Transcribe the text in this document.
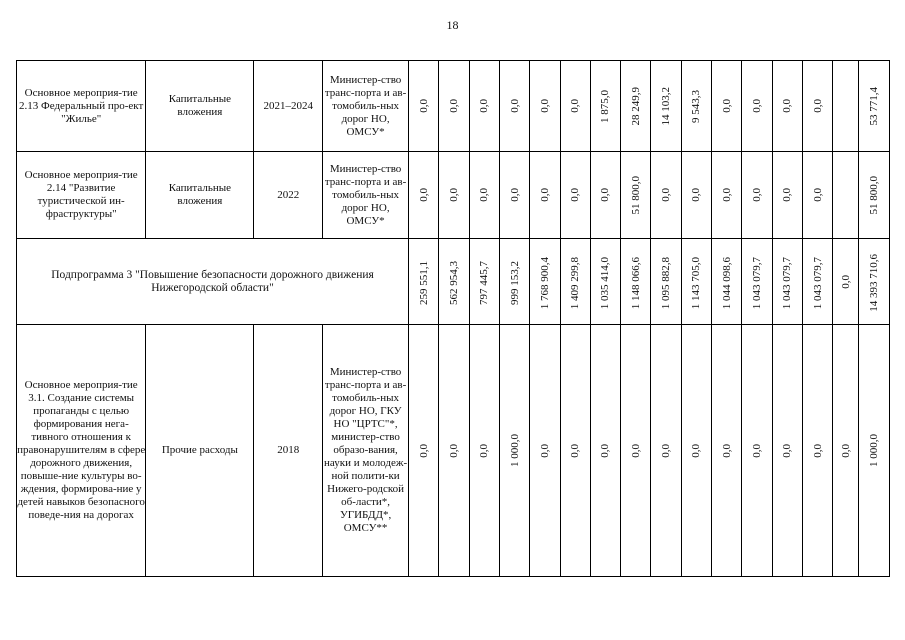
18
Основное мероприя-тие 2.13 Федеральный про-ект "Жилье"	Капитальные вложения	2021–2024	Министер-ство транс-порта и ав-томобиль-ных дорог НО, ОМСУ*	0,0	0,0	0,0	0,0	0,0	0,0	1 875,0	28 249,9	14 103,2	9 543,3	0,0	0,0	0,0	0,0		53 771,4

Основное мероприя-тие 2.14 "Развитие туристической ин-фраструктуры"	Капитальные вложения	2022	Министер-ство транс-порта и ав-томобиль-ных дорог НО, ОМСУ*	0,0	0,0	0,0	0,0	0,0	0,0	0,0	51 800,0	0,0	0,0	0,0	0,0	0,0	0,0		51 800,0

Подпрограмма 3 "Повышение безопасности дорожного движения Нижегородской области"				259 551,1	562 954,3	797 445,7	999 153,2	1 768 900,4	1 409 299,8	1 035 414,0	1 148 066,6	1 095 882,8	1 143 705,0	1 044 098,6	1 043 079,7	1 043 079,7	1 043 079,7	0,0	14 393 710,6

Основное мероприя-тие 3.1. Создание системы пропаганды с целью формирования нега-тивного отношения к правонарушителям в сфере дорожного движения, повыше-ние культуры во-ждения, формирова-ние у детей навыков безопасного поведе-ния на дорогах	Прочие расходы	2018	Министер-ство транс-порта и ав-томобиль-ных дорог НО, ГКУ НО "ЦРТС"*, министер-ство образо-вания, науки и молодеж-ной полити-ки Нижего-родской об-ласти*, УГИБДД*, ОМСУ**	0,0	0,0	0,0	1 000,0	0,0	0,0	0,0	0,0	0,0	0,0	0,0	0,0	0,0	0,0	0,0	1 000,0
